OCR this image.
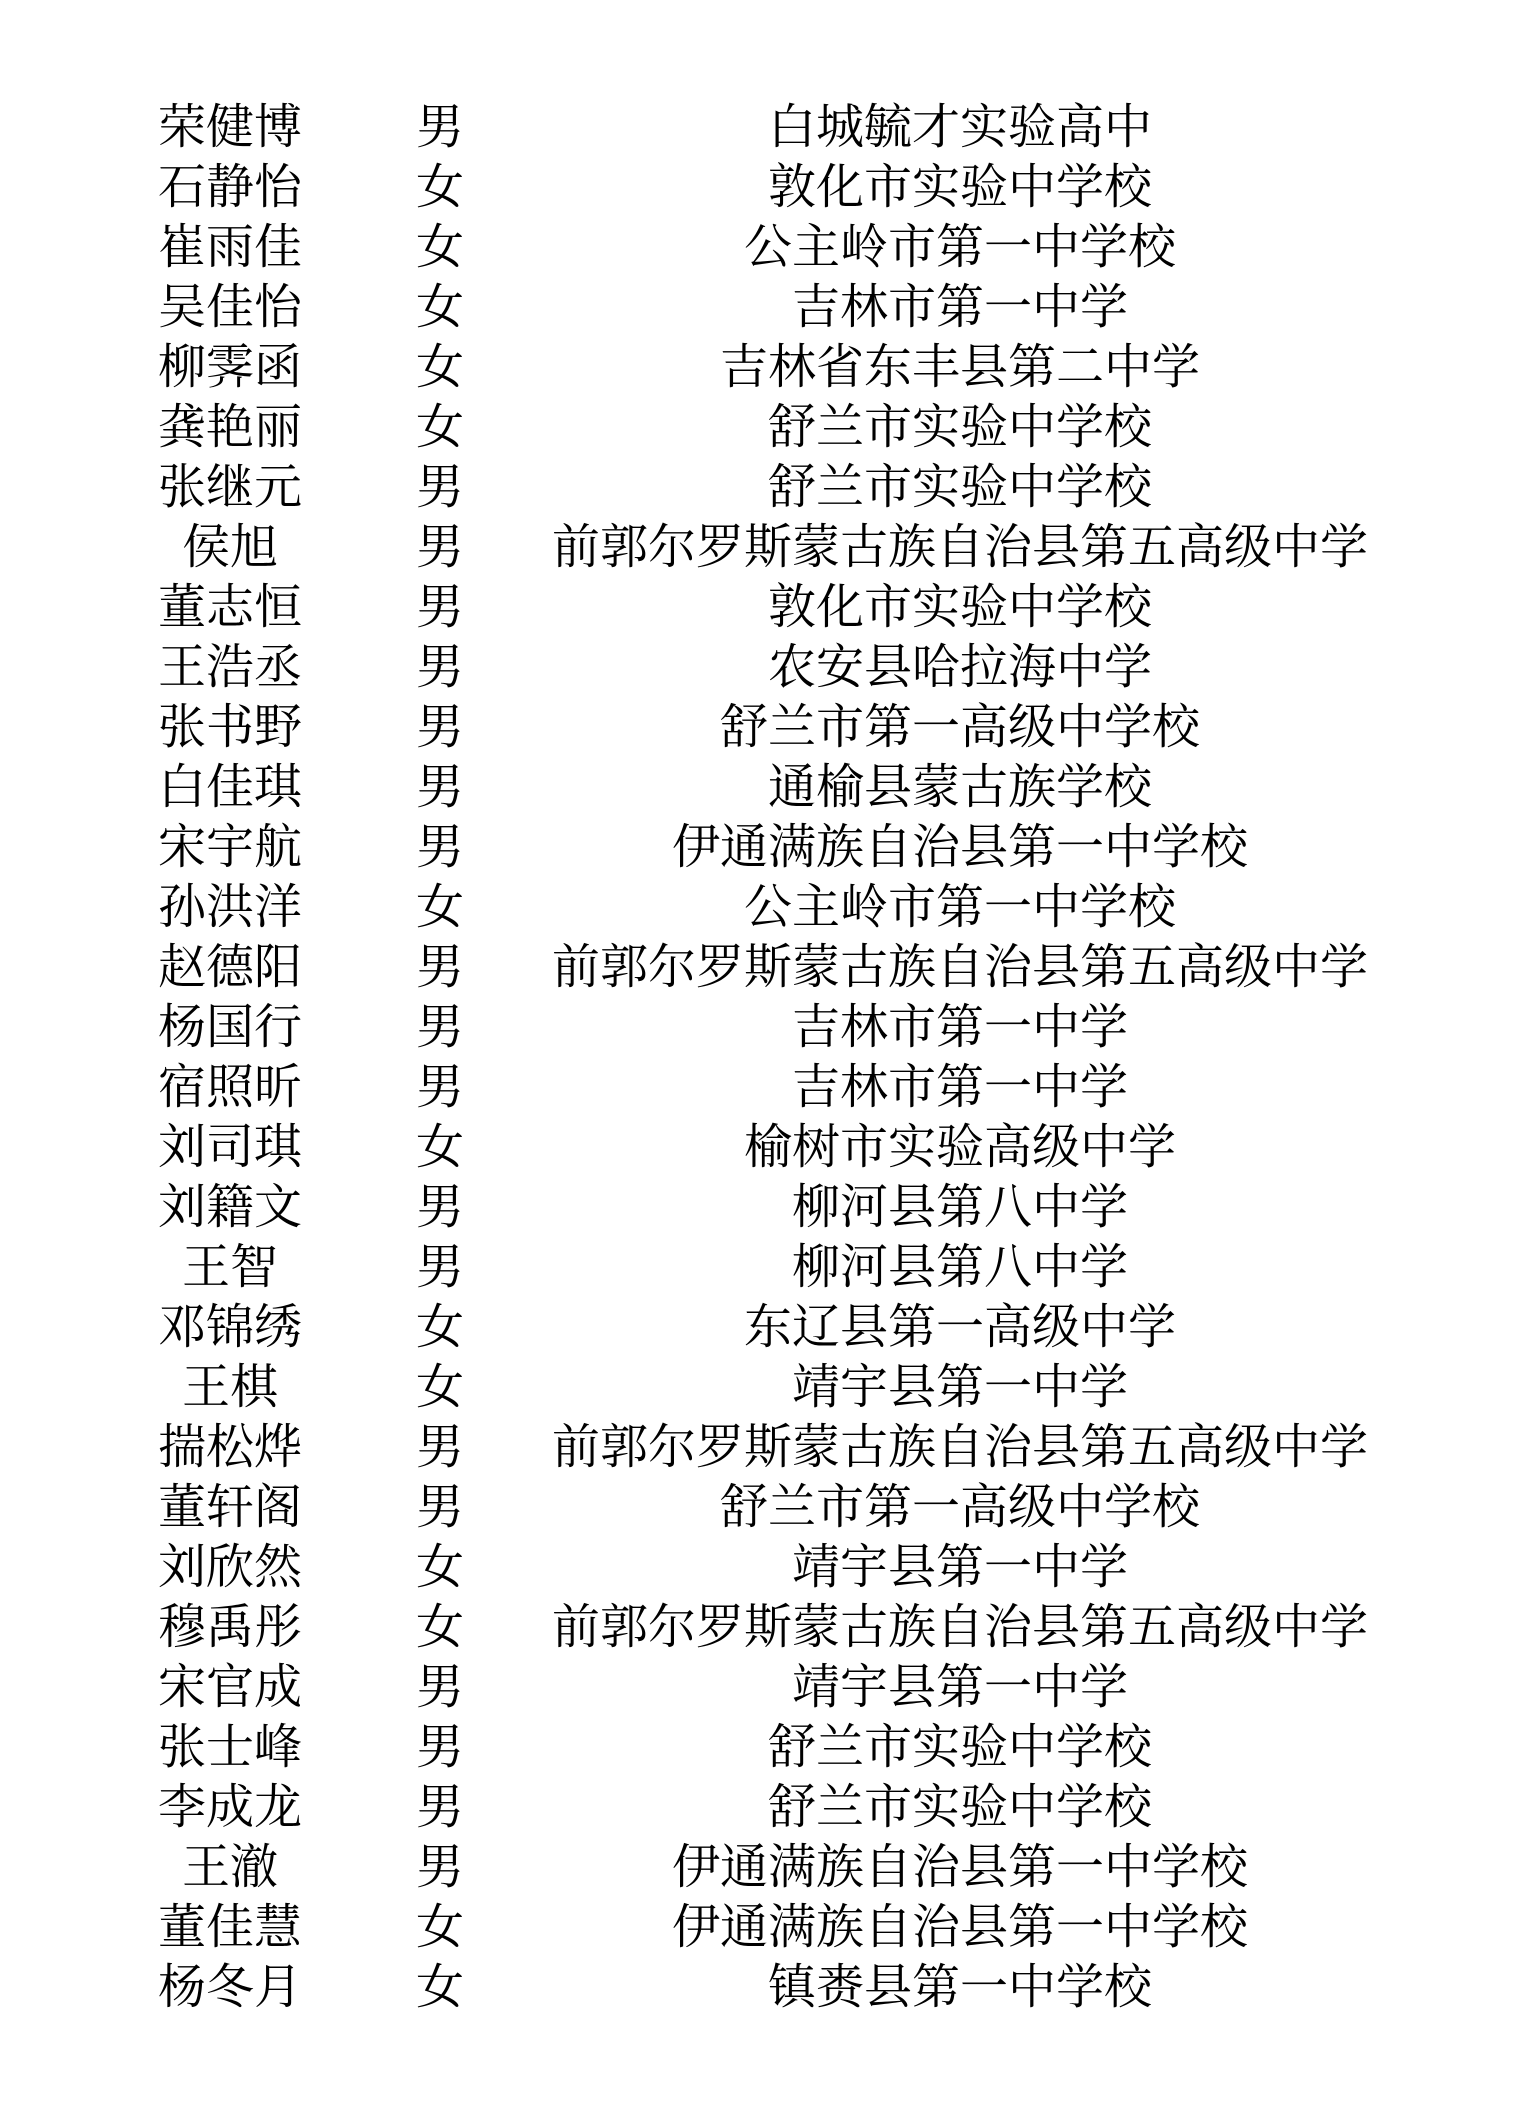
荣健博 男	白城毓才实验高中
石静怡 女	敦化市实验中学校
崔雨佳 女	公主岭市第一中学校
吴佳怡 女	吉林市第一中学
柳霁函 女	吉林省东丰县第二中学
龚艳丽 女	舒兰市实验中学校
张继元 男	舒兰市实验中学校
侯旭	男	前郭尔罗斯蒙古族自治县第五高级中学
董志恒 男	敦化市实验中学校
王浩丞 男	农安县哈拉海中学
张书野 男	舒兰市第一高级中学校
白佳琪 男	通榆县蒙古族学校
宋宇航 男	伊通满族自治县第一中学校
孙洪洋 女	公主岭市第一中学校
赵德阳 男	前郭尔罗斯蒙古族自治县第五高级中学
杨国行 男	吉林市第一中学
宿照昕 男	吉林市第一中学
刘司琪 女	榆树市实验高级中学
刘籍文 男	柳河县第八中学
王智	男	柳河县第八中学
邓锦绣 女	东辽县第一高级中学
王棋	女	靖宇县第一中学
揣松烨 男	前郭尔罗斯蒙古族自治县第五高级中学
董轩阁 男	舒兰市第一高级中学校
刘欣然 女	靖宇县第一中学
穆禹彤 女	前郭尔罗斯蒙古族自治县第五高级中学
宋官成 男	靖宇县第一中学
张士峰 男	舒兰市实验中学校
李成龙 男	舒兰市实验中学校
王澈	男	伊通满族自治县第一中学校
董佳慧 女	伊通满族自治县第一中学校
杨冬月 女	镇赉县第一中学校
